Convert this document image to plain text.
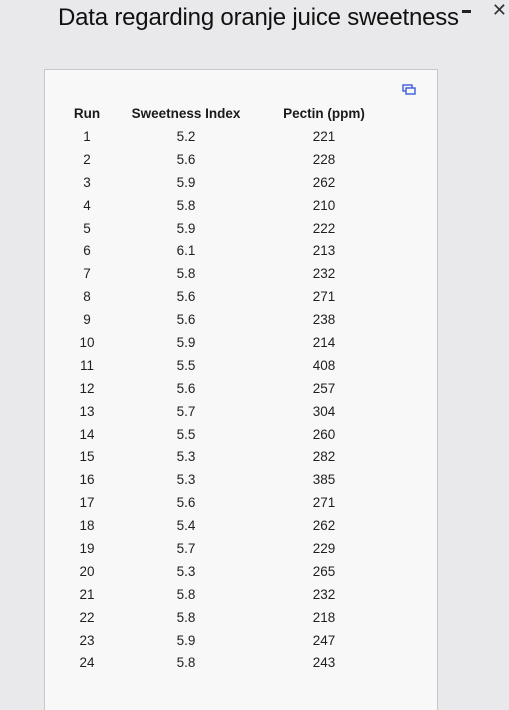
Data regarding oranje juice sweetness ✕
Run	Sweetness Index	Pectin (ppm)
1	5.2	221
2	5.6	228
3	5.9	262
4	5.8	210
5	5.9	222
6	6.1	213
7	5.8	232
8	5.6	271
9	5.6	238
10	5.9	214
11	5.5	408
12	5.6	257
13	5.7	304
14	5.5	260
15	5.3	282
16	5.3	385
17	5.6	271
18	5.4	262
19	5.7	229
20	5.3	265
21	5.8	232
22	5.8	218
23	5.9	247
24	5.8	243
